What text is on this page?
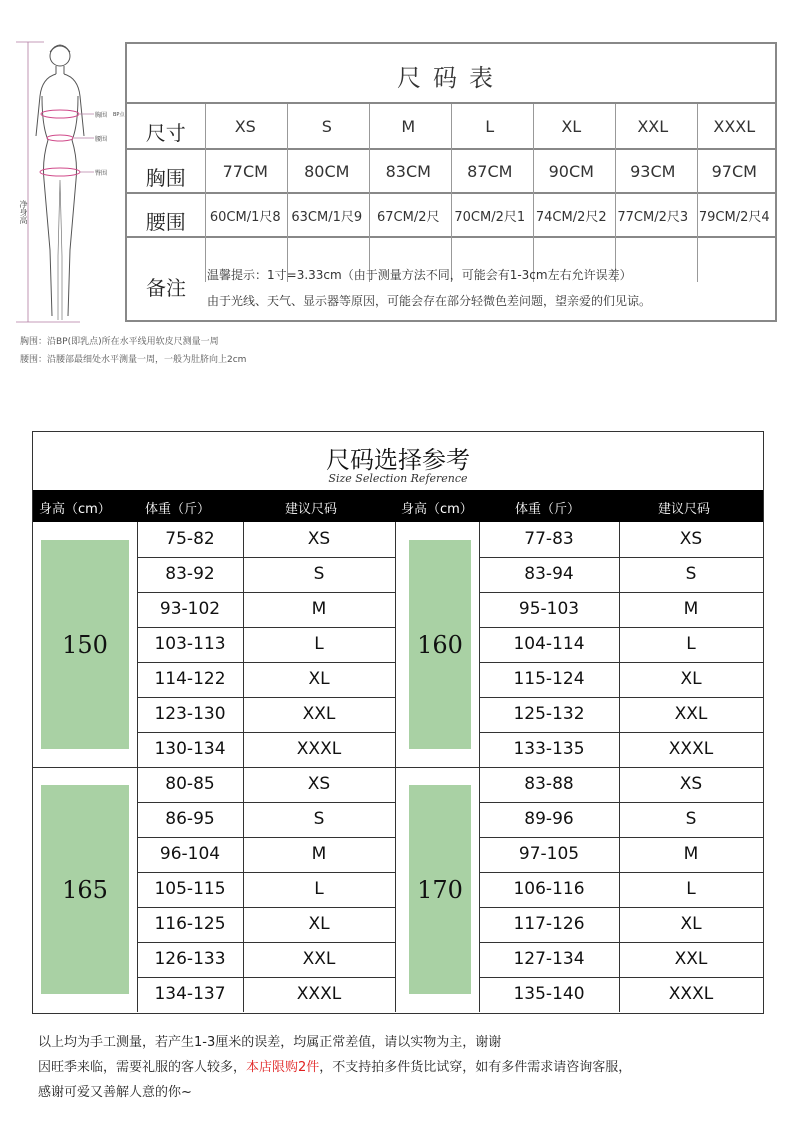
胸围 BP点
腰围
臀围
净身高
胸围：沿BP(即乳点)所在水平线用软皮尺测量一周
腰围：沿腰部最细处水平测量一周，一般为肚脐向上2cm
尺码表
尺寸	XS	S	M	L	XL	XXL	XXXL
胸围	77CM	80CM	83CM	87CM	90CM	93CM	97CM
腰围	60CM/1尺8 63CM/1尺9	67CM/2尺	70CM/2尺1 74CM/2尺2 77CM/2尺3 79CM/2尺4
备注
温馨提示：1寸=3.33cm（由于测量方法不同，可能会有1-3cm左右允许误差）
由于光线、天气、显示器等原因，可能会存在部分轻微色差问题，望亲爱的们见谅。
尺码选择参考
Size Selection Reference
身高（cm）	体重（斤）	建议尺码	身高（cm）	体重（斤）	建议尺码
150
75-82	XS
83-92	S
93-102	M
103-113	L
114-122	XL
123-130	XXL
130-134	XXXL
160
77-83	XS
83-94	S
95-103	M
104-114	L
115-124	XL
125-132	XXL
133-135	XXXL
165
80-85	XS
86-95	S
96-104	M
105-115	L
116-125	XL
126-133	XXL
134-137	XXXL
170
83-88	XS
89-96	S
97-105	M
106-116	L
117-126	XL
127-134	XXL
135-140	XXXL
以上均为手工测量，若产生1-3厘米的误差，均属正常差值，请以实物为主，谢谢
因旺季来临，需要礼服的客人较多，本店限购2件，不支持拍多件货比试穿，如有多件需求请咨询客服，
感谢可爱又善解人意的你~
